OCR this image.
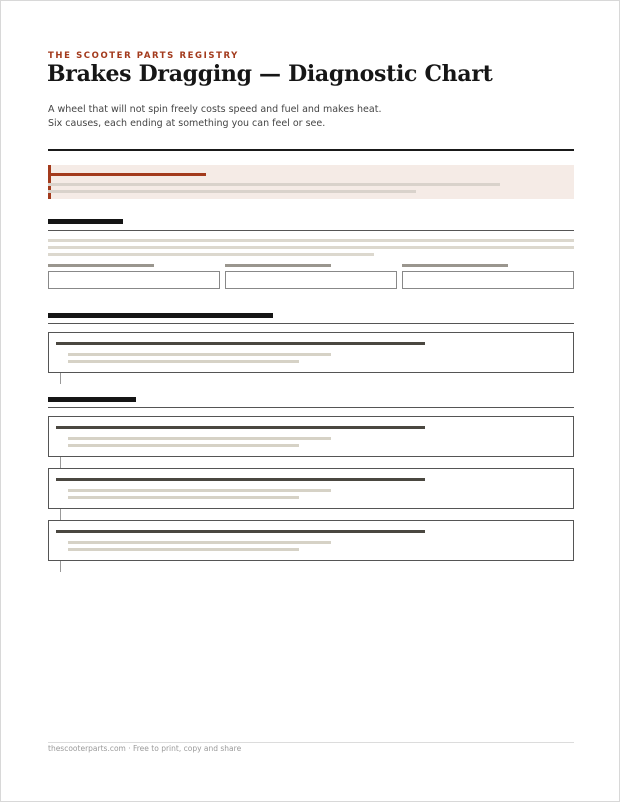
THE SCOOTER PARTS REGISTRY
Brakes Dragging — Diagnostic Chart
A wheel that will not spin freely costs speed and fuel and makes heat. Six causes, each ending at something you can feel or see.
thescooterparts.com · Free to print, copy and share
